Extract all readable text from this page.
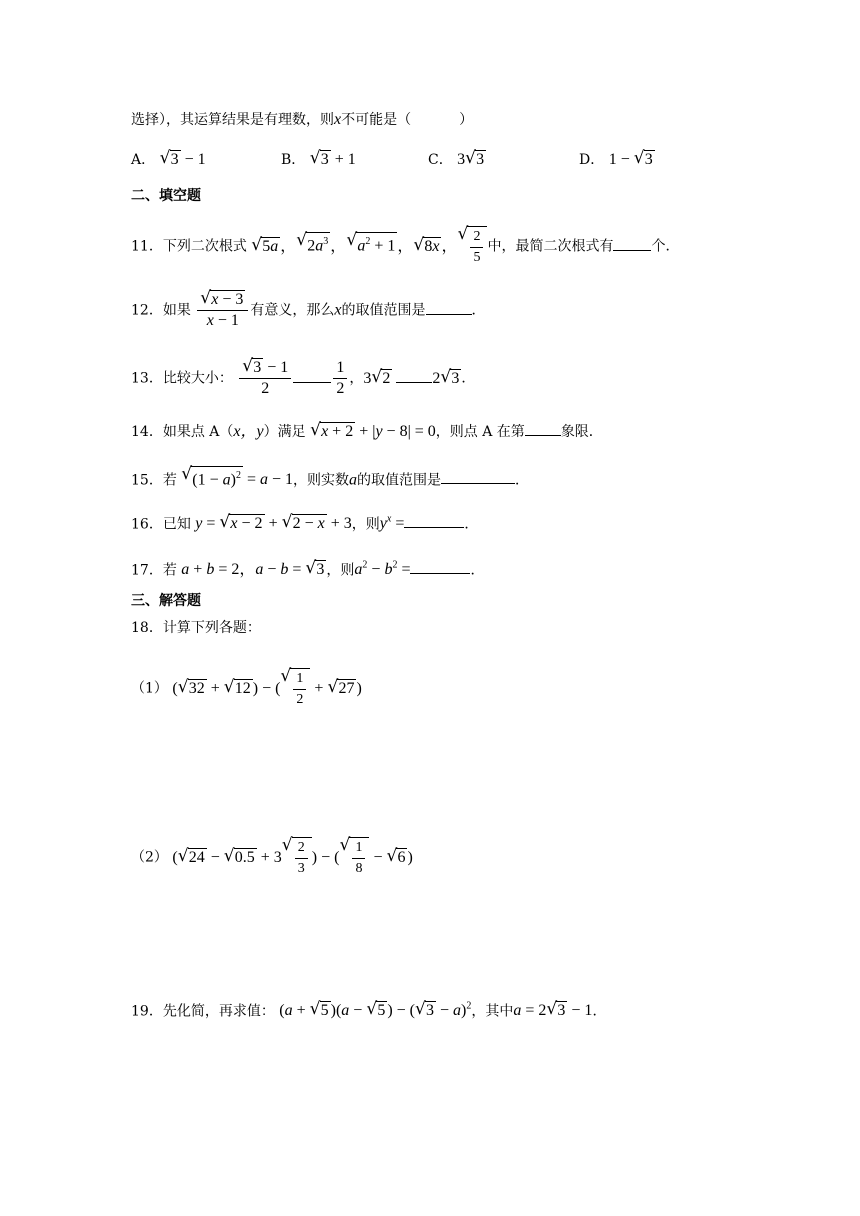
选择），其运算结果是有理数，则x不可能是（	）
A． √ 3 − 1	B． √ 3 + 1	C． 3 √ 3	D． 1 − √ 3
二、填空题
11．下列二次根式 √ 5a ， √ $2a^3$ ， √ $a^2 + 1$ ， √ 8x ， √ $\frac{2}{5}$ 中，最简二次根式有	个．
12．如果 √ $\frac{x - 3}{x - 1}$ 有意义，那么x的取值范围是	．
13．比较大小： √ $\frac{3 - 1}{2}$	$\frac{1}{2}$ ，3 √ 2	2 √ 3 ．
14．如果点 A（x，y）满足 √ x + 2 + |y − 8| = 0，则点 A 在第	象限．
15．若 √ $(1 - a)^2 = a - 1$，则实数a的取值范围是	．
16．已知 y = √ x − 2 + √ 2 − x + 3，则$y^x$ =	．
17．若 a + b = 2，a − b = √ 3 ，则$a^2 - b^2$ =	．
三、解答题
18．计算下列各题：
（1） ( √ 32 + √ 12 ) − ( √ $\frac{1}{2}$ + √ 27 )
（2） ( √ 24 − √ 0.5 + 3 √ $\frac{2}{3}$ ) − ( √ $\frac{1}{8}$ − √ 6 )
19．先化简，再求值： (a + √ 5 )(a − √ 5 ) − ( √ 3 − a)$^2$，其中a = 2 √ 3 − 1．
